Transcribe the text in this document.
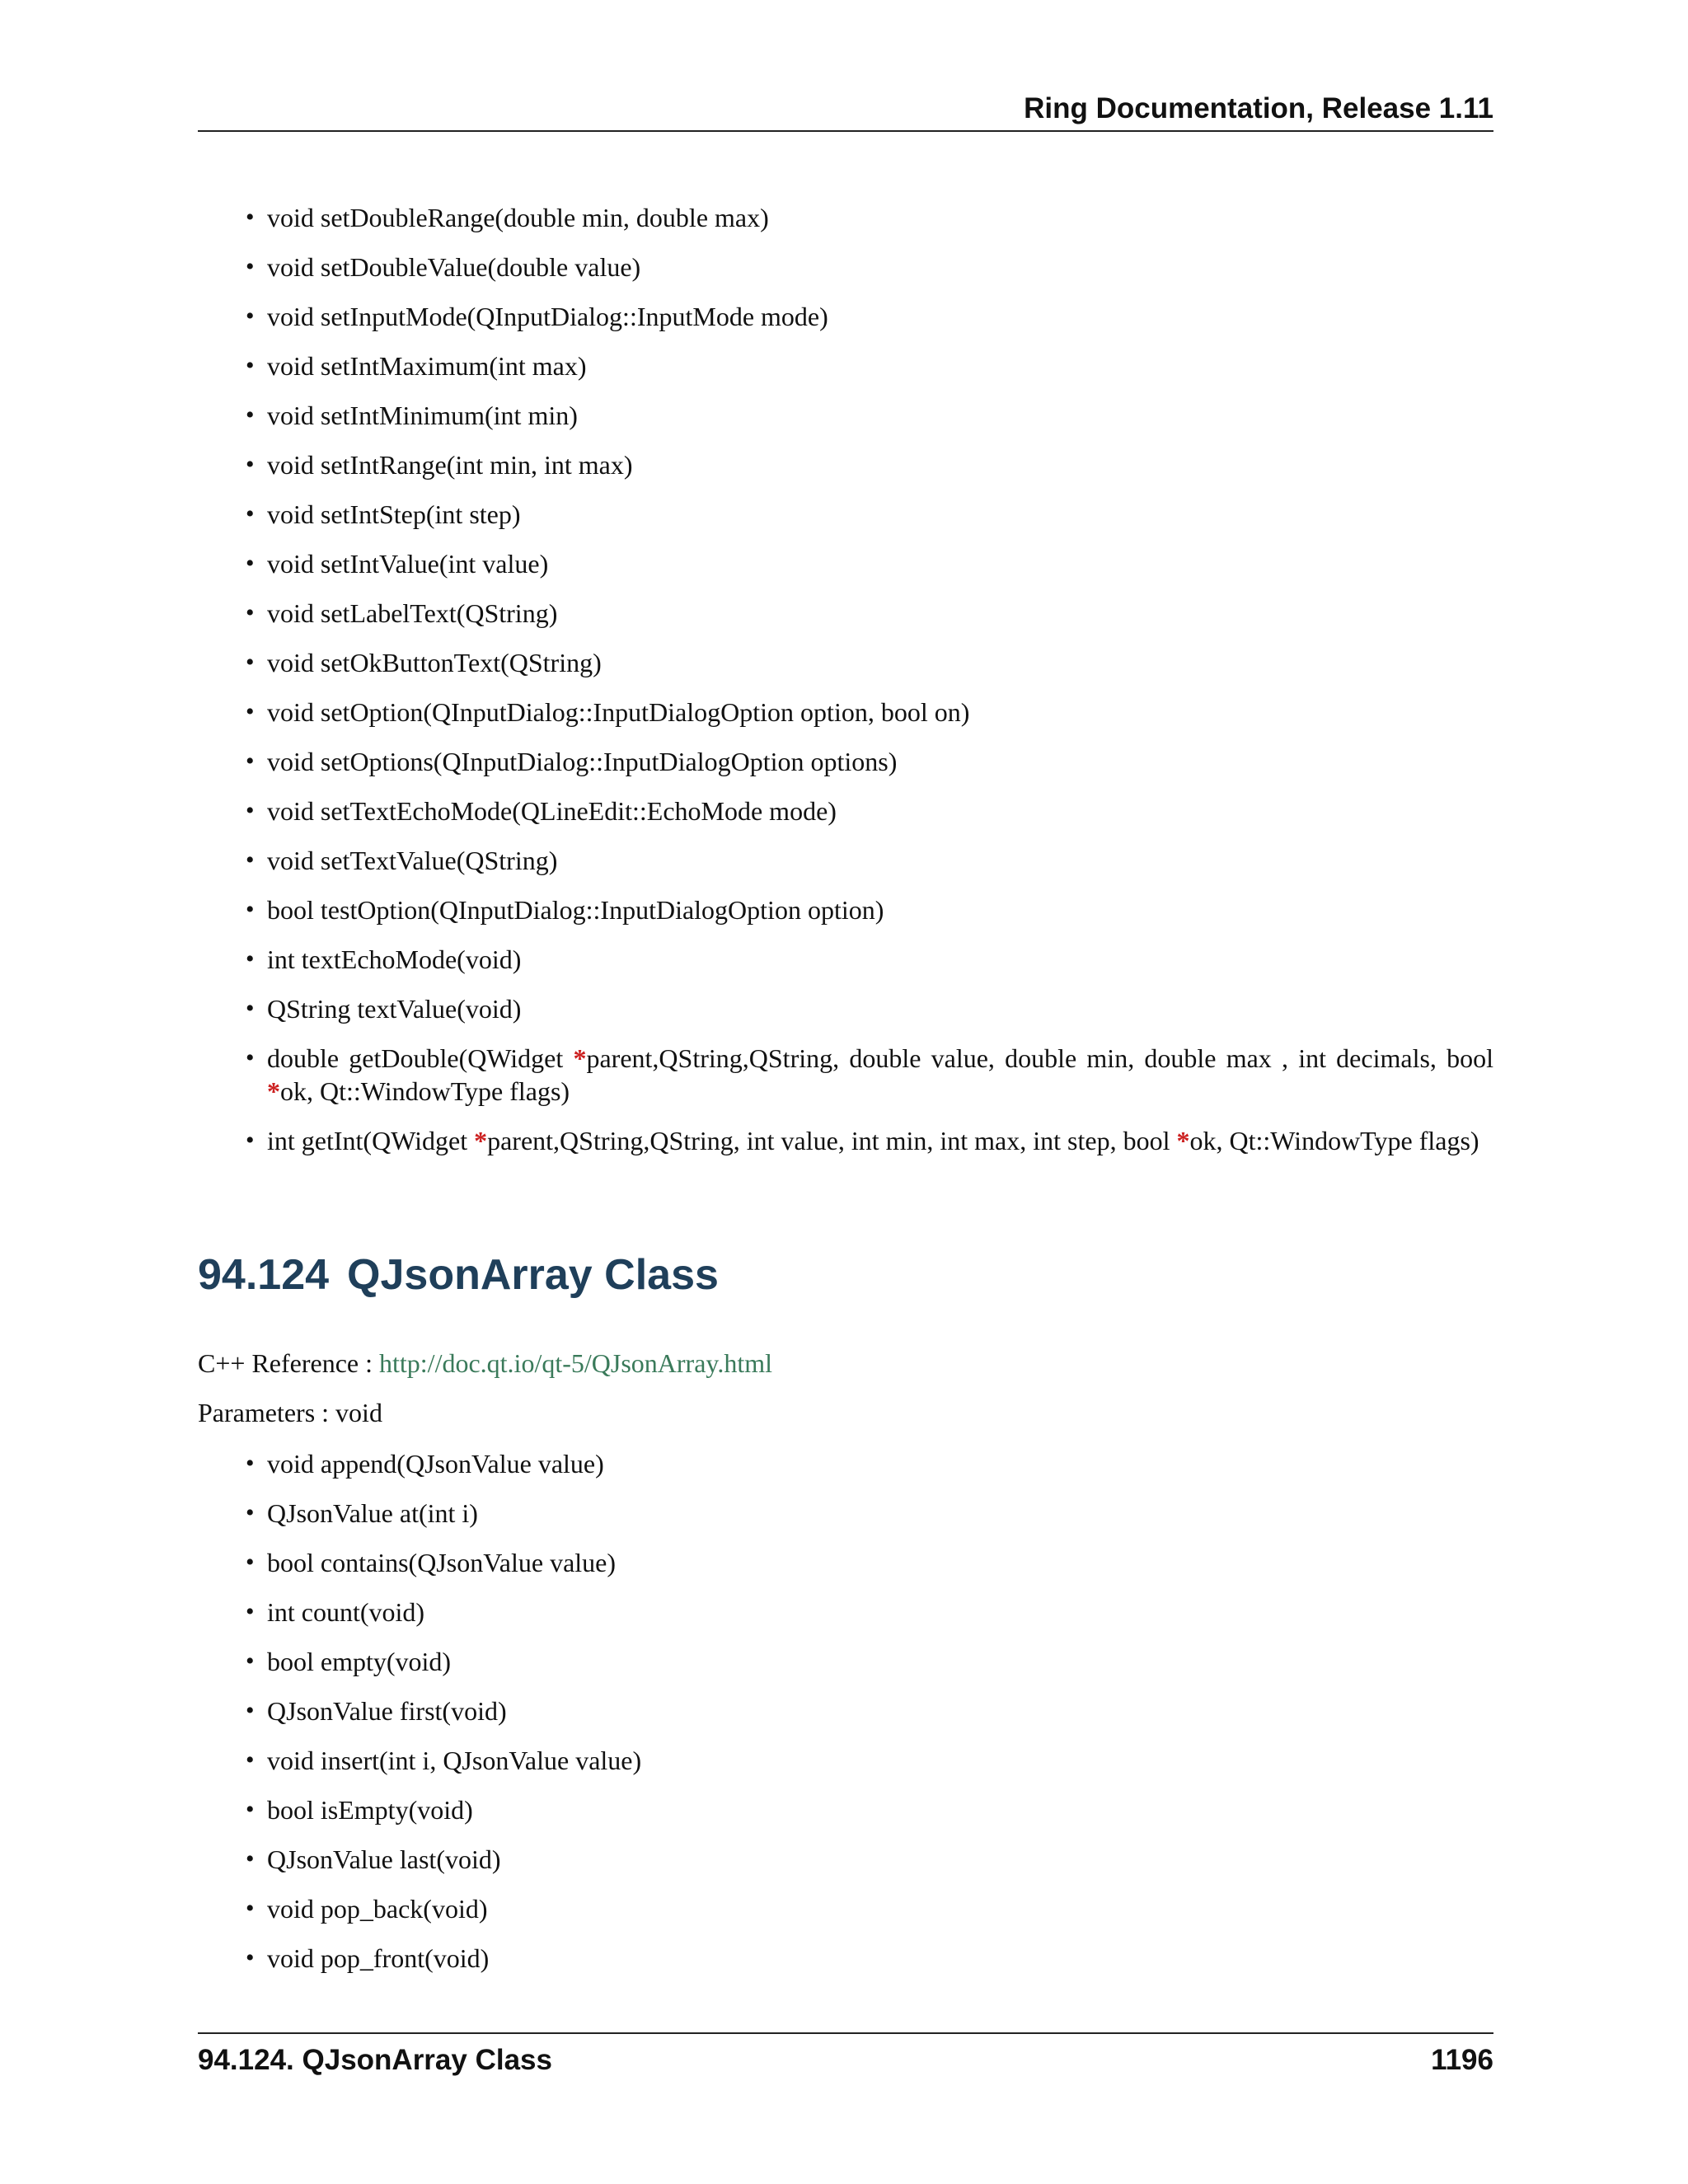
Ring Documentation, Release 1.11
• void setDoubleRange(double min, double max)
• void setDoubleValue(double value)
• void setInputMode(QInputDialog::InputMode mode)
• void setIntMaximum(int max)
• void setIntMinimum(int min)
• void setIntRange(int min, int max)
• void setIntStep(int step)
• void setIntValue(int value)
• void setLabelText(QString)
• void setOkButtonText(QString)
• void setOption(QInputDialog::InputDialogOption option, bool on)
• void setOptions(QInputDialog::InputDialogOption options)
• void setTextEchoMode(QLineEdit::EchoMode mode)
• void setTextValue(QString)
• bool testOption(QInputDialog::InputDialogOption option)
• int textEchoMode(void)
• QString textValue(void)
• double getDouble(QWidget *parent,QString,QString, double value, double min, double max , int decimals, bool *ok, Qt::WindowType flags)
• int getInt(QWidget *parent,QString,QString, int value, int min, int max, int step, bool *ok, Qt::WindowType flags)
94.124 QJsonArray Class

C++ Reference : http://doc.qt.io/qt-5/QJsonArray.html

Parameters : void

• void append(QJsonValue value)
• QJsonValue at(int i)
• bool contains(QJsonValue value)
• int count(void)
• bool empty(void)
• QJsonValue first(void)
• void insert(int i, QJsonValue value)
• bool isEmpty(void)
• QJsonValue last(void)
• void pop_back(void)
• void pop_front(void)
94.124. QJsonArray Class	1196
